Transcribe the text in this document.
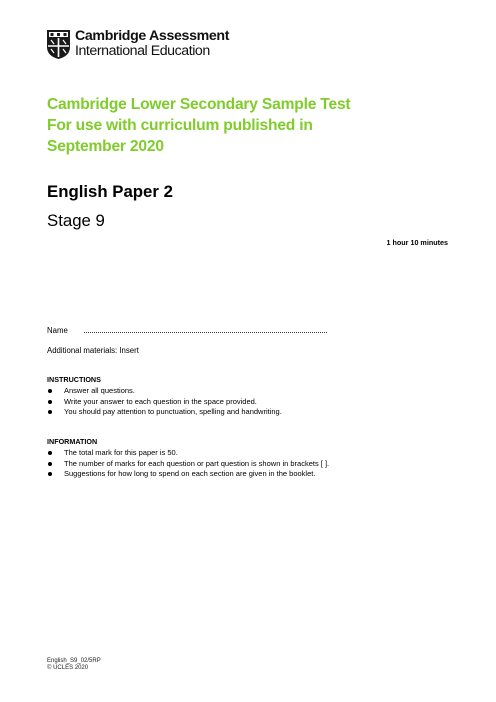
Cambridge Assessment
International Education
Cambridge Lower Secondary Sample Test
For use with curriculum published in
September 2020
English Paper 2
Stage 9
1 hour 10 minutes
Name
Additional materials: Insert
INSTRUCTIONS
Answer all questions.
Write your answer to each question in the space provided.
You should pay attention to punctuation, spelling and handwriting.
INFORMATION
The total mark for this paper is 50.
The number of marks for each question or part question is shown in brackets [ ].
Suggestions for how long to spend on each section are given in the booklet.
English_S9_02/5RP
© UCLES 2020
